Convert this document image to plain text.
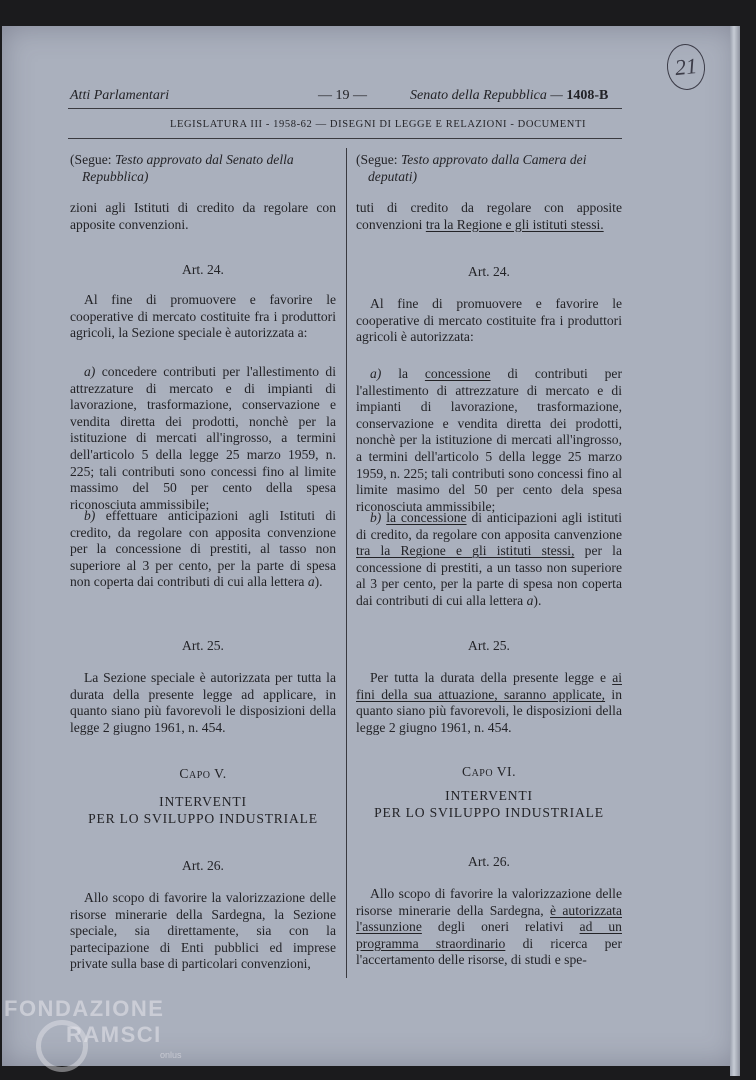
Atti Parlamentari	— 19 —	Senato della Repubblica — 1408-B
LEGISLATURA III - 1958-62 — DISEGNI DI LEGGE E RELAZIONI - DOCUMENTI
21

(Segue: Testo approvato dal Senato della Repubblica)

zioni agli Istituti di credito da regolare con apposite convenzioni.

Art. 24.

Al fine di promuovere e favorire le cooperative di mercato costituite fra i produttori agricoli, la Sezione speciale è autorizzata a:

a) concedere contributi per l'allestimento di attrezzature di mercato e di impianti di lavorazione, trasformazione, conservazione e vendita diretta dei prodotti, nonchè per la istituzione di mercati all'ingrosso, a termini dell'articolo 5 della legge 25 marzo 1959, n. 225; tali contributi sono concessi fino al limite massimo del 50 per cento della spesa riconosciuta ammissibile;

b) effettuare anticipazioni agli Istituti di credito, da regolare con apposita convenzione per la concessione di prestiti, al tasso non superiore al 3 per cento, per la parte di spesa non coperta dai contributi di cui alla lettera a).

Art. 25.

La Sezione speciale è autorizzata per tutta la durata della presente legge ad applicare, in quanto siano più favorevoli le disposizioni della legge 2 giugno 1961, n. 454.

Capo V.

INTERVENTI

PER LO SVILUPPO INDUSTRIALE

Art. 26.

Allo scopo di favorire la valorizzazione delle risorse minerarie della Sardegna, la Sezione speciale, sia direttamente, sia con la partecipazione di Enti pubblici ed imprese private sulla base di particolari convenzioni,

(Segue: Testo approvato dalla Camera dei deputati)

tuti di credito da regolare con apposite convenzioni tra la Regione e gli istituti stessi.

Art. 24.

Al fine di promuovere e favorire le cooperative di mercato costituite fra i produttori agricoli è autorizzata:

a) la concessione di contributi per l'allestimento di attrezzature di mercato e di impianti di lavorazione, trasformazione, conservazione e vendita diretta dei prodotti, nonchè per la istituzione di mercati all'ingrosso, a termini dell'articolo 5 della legge 25 marzo 1959, n. 225; tali contributi sono concessi fino al limite masimo del 50 per cento dela spesa riconosciuta ammissibile;

b) la concessione di anticipazioni agli istituti di credito, da regolare con apposita canvenzione tra la Regione e gli istituti stessi, per la concessione di prestiti, a un tasso non superiore al 3 per cento, per la parte di spesa non coperta dai contributi di cui alla lettera a).

Art. 25.

Per tutta la durata della presente legge e ai fini della sua attuazione, saranno applicate, in quanto siano più favorevoli, le disposizioni della legge 2 giugno 1961, n. 454.

Capo VI.

INTERVENTI

PER LO SVILUPPO INDUSTRIALE

Art. 26.

Allo scopo di favorire la valorizzazione delle risorse minerarie della Sardegna, è autorizzata l'assunzione degli oneri relativi ad un programma straordinario di ricerca per l'accertamento delle risorse, di studi e spe-

FONDAZIONE
RAMSCI
onlus
